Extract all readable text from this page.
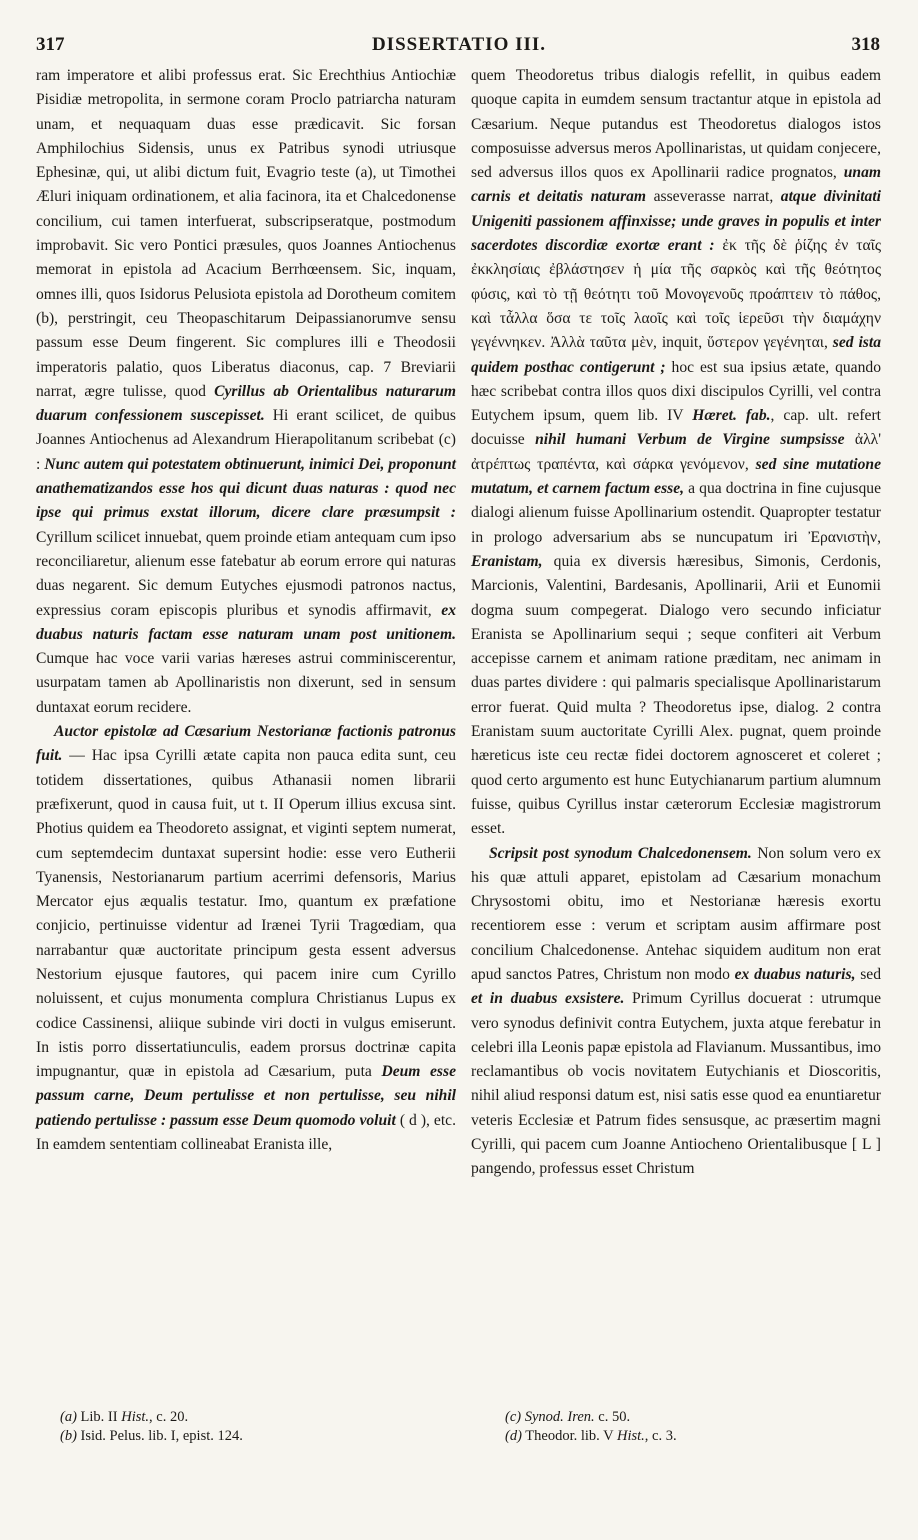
317	DISSERTATIO III.	318

ram imperatore et alibi professus erat. Sic Erechthius Antiochiæ Pisidiæ metropolita, in sermone coram Proclo patriarcha naturam unam, et nequaquam duas esse prædicavit. Sic forsan Amphilochius Sidensis, unus ex Patribus synodi utriusque Ephesinæ, qui, ut alibi dictum fuit, Evagrio teste (a), ut Timothei Æluri iniquam ordinationem, et alia facinora, ita et Chalcedonense concilium, cui tamen interfuerat, subscripseratque, postmodum improbavit. Sic vero Pontici præsules, quos Joannes Antiochenus memorat in epistola ad Acacium Berrhœensem. Sic, inquam, omnes illi, quos Isidorus Pelusiota epistola ad Dorotheum comitem (b), perstringit, ceu Theopaschitarum Deipassianorumve sensu passum esse Deum fingerent. Sic complures illi e Theodosii imperatoris palatio, quos Liberatus diaconus, cap. 7 Breviarii narrat, ægre tulisse, quod Cyrillus ab Orientalibus naturarum duarum confessionem suscepisset. Hi erant scilicet, de quibus Joannes Antiochenus ad Alexandrum Hierapolitanum scribebat (c) : Nunc autem qui potestatem obtinuerunt, inimici Dei, proponunt anathematizandos esse hos qui dicunt duas naturas : quod nec ipse qui primus exstat illorum, dicere clare præsumpsit : Cyrillum scilicet innuebat, quem proinde etiam antequam cum ipso reconciliaretur, alienum esse fatebatur ab eorum errore qui naturas duas negarent. Sic demum Eutyches ejusmodi patronos nactus, expressius coram episcopis pluribus et synodis affirmavit, ex duabus naturis factam esse naturam unam post unitionem. Cumque hac voce varii varias hæreses astrui comminiscerentur, usurpatam tamen ab Apollinaristis non dixerunt, sed in sensum duntaxat eorum recidere.

Auctor epistolæ ad Cæsarium Nestorianæ factionis patronus fuit. — Hac ipsa Cyrilli ætate capita non pauca edita sunt, ceu totidem dissertationes, quibus Athanasii nomen librarii præfixerunt, quod in causa fuit, ut t. II Operum illius excusa sint. Photius quidem ea Theodoreto assignat, et viginti septem numerat, cum septemdecim duntaxat supersint hodie: esse vero Eutherii Tyanensis, Nestorianarum partium acerrimi defensoris, Marius Mercator ejus æqualis testatur. Imo, quantum ex præfatione conjicio, pertinuisse videntur ad Irænei Tyrii Tragœdiam, qua narrabantur quæ auctoritate principum gesta essent adversus Nestorium ejusque fautores, qui pacem inire cum Cyrillo noluissent, et cujus monumenta complura Christianus Lupus ex codice Cassinensi, aliique subinde viri docti in vulgus emiserunt. In istis porro dissertatiunculis, eadem prorsus doctrinæ capita impugnantur, quæ in epistola ad Cæsarium, puta Deum esse passum carne, Deum pertulisse et non pertulisse, seu nihil patiendo pertulisse : passum esse Deum quomodo voluit ( d ), etc. In eamdem sententiam collineabat Eranista ille,

quem Theodoretus tribus dialogis refellit, in quibus eadem quoque capita in eumdem sensum tractantur atque in epistola ad Cæsarium. Neque putandus est Theodoretus dialogos istos composuisse adversus meros Apollinaristas, ut quidam conjecere, sed adversus illos quos ex Apollinarii radice prognatos, unam carnis et deitatis naturam asseverasse narrat, atque divinitati Unigeniti passionem affinxisse; unde graves in populis et inter sacerdotes discordiæ exortæ erant : ἐκ τῆς δὲ ῥίζης ἐν ταῖς ἐκκλησίαις ἐβλάστησεν ἡ μία τῆς σαρκὸς καὶ τῆς θεότητος φύσις, καὶ τὸ τῇ θεότητι τοῦ Μονογενοῦς προάπτειν τὸ πάθος, καὶ τἆλλα ὅσα τε τοῖς λαοῖς καὶ τοῖς ἱερεῦσι τὴν διαμάχην γεγέννηκεν. Ἀλλὰ ταῦτα μὲν, inquit, ὕστερον γεγένηται, sed ista quidem posthac contigerunt ; hoc est sua ipsius ætate, quando hæc scribebat contra illos quos dixi discipulos Cyrilli, vel contra Eutychem ipsum, quem lib. IV Hæret. fab., cap. ult. refert docuisse nihil humani Verbum de Virgine sumpsisse ἀλλ' ἀτρέπτως τραπέντα, καὶ σάρκα γενόμενον, sed sine mutatione mutatum, et carnem factum esse, a qua doctrina in fine cujusque dialogi alienum fuisse Apollinarium ostendit. Quapropter testatur in prologo adversarium abs se nuncupatum iri Ἐρανιστὴν, Eranistam, quia ex diversis hæresibus, Simonis, Cerdonis, Marcionis, Valentini, Bardesanis, Apollinarii, Arii et Eunomii dogma suum compegerat. Dialogo vero secundo inficiatur Eranista se Apollinarium sequi ; seque confiteri ait Verbum accepisse carnem et animam ratione præditam, nec animam in duas partes dividere : qui palmaris specialisque Apollinaristarum error fuerat. Quid multa ? Theodoretus ipse, dialog. 2 contra Eranistam suum auctoritate Cyrilli Alex. pugnat, quem proinde hæreticus iste ceu rectæ fidei doctorem agnosceret et coleret ; quod certo argumento est hunc Eutychianarum partium alumnum fuisse, quibus Cyrillus instar cæterorum Ecclesiæ magistrorum esset.

Scripsit post synodum Chalcedonensem. Non solum vero ex his quæ attuli apparet, epistolam ad Cæsarium monachum Chrysostomi obitu, imo et Nestorianæ hæresis exortu recentiorem esse : verum et scriptam ausim affirmare post concilium Chalcedonense. Antehac siquidem auditum non erat apud sanctos Patres, Christum non modo ex duabus naturis, sed et in duabus exsistere. Primum Cyrillus docuerat : utrumque vero synodus definivit contra Eutychem, juxta atque ferebatur in celebri illa Leonis papæ epistola ad Flavianum. Mussantibus, imo reclamantibus ob vocis novitatem Eutychianis et Dioscoritis, nihil aliud responsi datum est, nisi satis esse quod ea enuntiaretur veteris Ecclesiæ et Patrum fides sensusque, ac præsertim magni Cyrilli, qui pacem cum Joanne Antiocheno Orientalibusque [ L ] pangendo, professus esset Christum

(a) Lib. II Hist., c. 20.
(b) Isid. Pelus. lib. I, epist. 124.
(c) Synod. Iren. c. 50.
(d) Theodor. lib. V Hist., c. 3.
